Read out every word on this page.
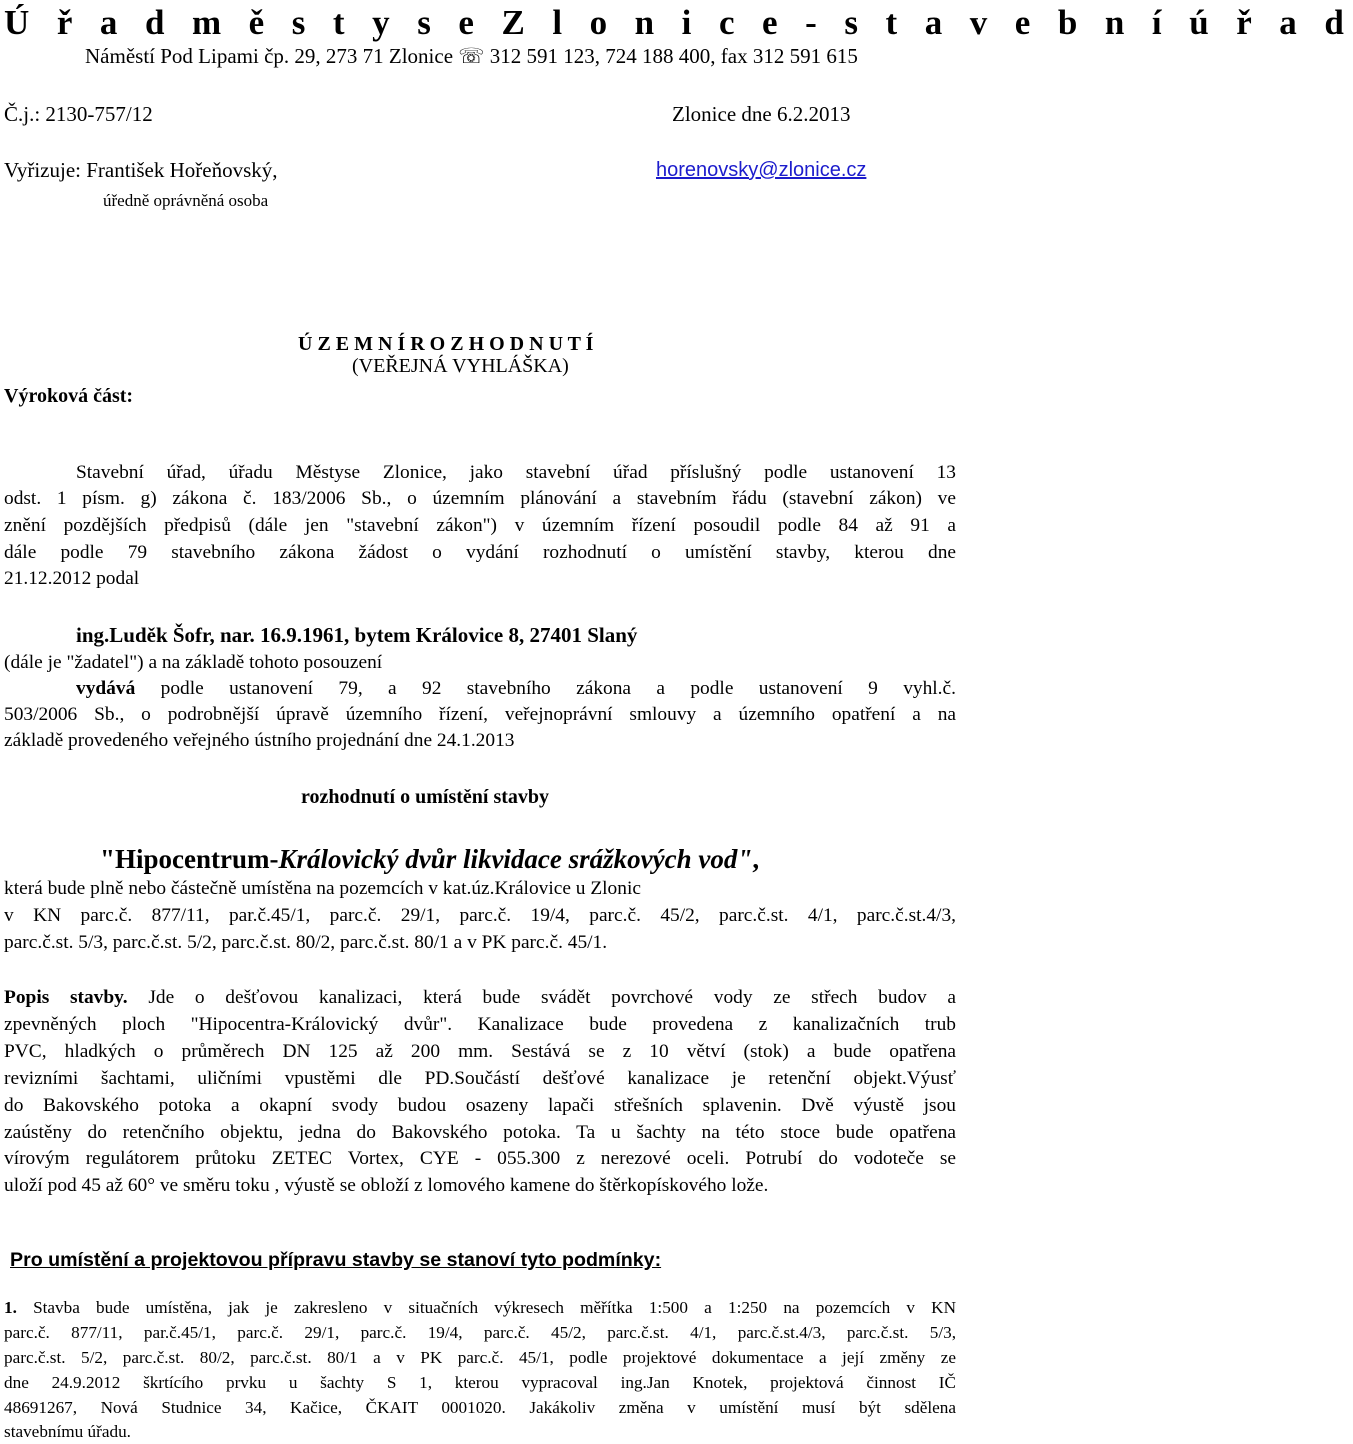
Ú ř a d m ě s t y s e Z l o n i c e - s t a v e b n í ú ř a d
Náměstí Pod Lipami čp. 29, 273 71 Zlonice ☏ 312 591 123, 724 188 400, fax 312 591 615
Č.j.: 2130-757/12	Zlonice dne 6.2.2013
Vyřizuje: František Hořeňovský,	horenovsky@zlonice.cz
úředně oprávněná osoba
Ú Z E M N Í R O Z H O D N U T Í
(VEŘEJNÁ VYHLÁŠKA)
Výroková část:
Stavební úřad, úřadu Městyse Zlonice, jako stavební úřad příslušný podle ustanovení 13
odst. 1 písm. g) zákona č. 183/2006 Sb., o územním plánování a stavebním řádu (stavební zákon) ve
znění pozdějších předpisů (dále jen "stavební zákon") v územním řízení posoudil podle 84 až 91 a
dále podle 79 stavebního zákona žádost o vydání rozhodnutí o umístění stavby, kterou dne
21.12.2012 podal
ing.Luděk Šofr, nar. 16.9.1961, bytem Královice 8, 27401 Slaný
(dále je "žadatel") a na základě tohoto posouzení
vydává podle ustanovení 79, a 92 stavebního zákona a podle ustanovení 9 vyhl.č.
503/2006 Sb., o podrobnější úpravě územního řízení, veřejnoprávní smlouvy a územního opatření a na
základě provedeného veřejného ústního projednání dne 24.1.2013
rozhodnutí o umístění stavby
"Hipocentrum-Královický dvůr likvidace srážkových vod",
která bude plně nebo částečně umístěna na pozemcích v kat.úz.Královice u Zlonic
v KN parc.č. 877/11, par.č.45/1, parc.č. 29/1, parc.č. 19/4, parc.č. 45/2, parc.č.st. 4/1, parc.č.st.4/3,
parc.č.st. 5/3, parc.č.st. 5/2, parc.č.st. 80/2, parc.č.st. 80/1 a v PK parc.č. 45/1.
Popis stavby. Jde o dešťovou kanalizaci, která bude svádět povrchové vody ze střech budov a
zpevněných ploch "Hipocentra-Královický dvůr". Kanalizace bude provedena z kanalizačních trub
PVC, hladkých o průměrech DN 125 až 200 mm. Sestává se z 10 větví (stok) a bude opatřena
revizními šachtami, uličními vpustěmi dle PD.Součástí dešťové kanalizace je retenční objekt.Výusť
do Bakovského potoka a okapní svody budou osazeny lapači střešních splavenin. Dvě výustě jsou
zaústěny do retenčního objektu, jedna do Bakovského potoka. Ta u šachty na této stoce bude opatřena
vírovým regulátorem průtoku ZETEC Vortex, CYE - 055.300 z nerezové oceli. Potrubí do vodoteče se
uloží pod 45 až 60° ve směru toku , výustě se obloží z lomového kamene do štěrkopískového lože.
Pro umístění a projektovou přípravu stavby se stanoví tyto podmínky:
1. Stavba bude umístěna, jak je zakresleno v situačních výkresech měřítka 1:500 a 1:250 na pozemcích v KN
parc.č. 877/11, par.č.45/1, parc.č. 29/1, parc.č. 19/4, parc.č. 45/2, parc.č.st. 4/1, parc.č.st.4/3, parc.č.st. 5/3,
parc.č.st. 5/2, parc.č.st. 80/2, parc.č.st. 80/1 a v PK parc.č. 45/1, podle projektové dokumentace a její změny ze
dne 24.9.2012 škrtícího prvku u šachty S 1, kterou vypracoval ing.Jan Knotek, projektová činnost IČ
48691267, Nová Studnice 34, Kačice, ČKAIT 0001020. Jakákoliv změna v umístění musí být sdělena
stavebnímu úřadu.
